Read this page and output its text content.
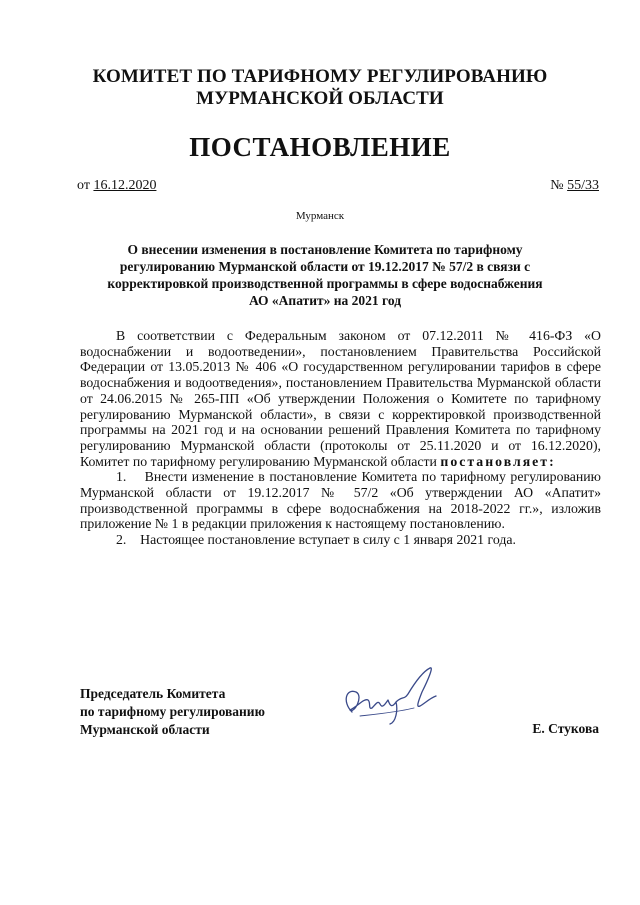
КОМИТЕТ ПО ТАРИФНОМУ РЕГУЛИРОВАНИЮ
МУРМАНСКОЙ ОБЛАСТИ
ПОСТАНОВЛЕНИЕ
от 16.12.2020	№ 55/33
Мурманск
О внесении изменения в постановление Комитета по тарифному
регулированию Мурманской области от 19.12.2017 № 57/2 в связи с
корректировкой производственной программы в сфере водоснабжения
АО «Апатит» на 2021 год

В соответствии с Федеральным законом от 07.12.2011 № 416-ФЗ «О водоснабжении и водоотведении», постановлением Правительства Российской Федерации от 13.05.2013 № 406 «О государственном регулировании тарифов в сфере водоснабжения и водоотведения», постановлением Правительства Мурманской области от 24.06.2015 № 265-ПП «Об утверждении Положения о Комитете по тарифному регулированию Мурманской области», в связи с корректировкой производственной программы на 2021 год и на основании решений Правления Комитета по тарифному регулированию Мурманской области (протоколы от 25.11.2020 и от 16.12.2020), Комитет по тарифному регулированию Мурманской области постановляет:

1. Внести изменение в постановление Комитета по тарифному регулированию Мурманской области от 19.12.2017 № 57/2 «Об утверждении АО «Апатит» производственной программы в сфере водоснабжения на 2018-2022 гг.», изложив приложение № 1 в редакции приложения к настоящему постановлению.

2. Настоящее постановление вступает в силу с 1 января 2021 года.

Председатель Комитета
по тарифному регулированию
Мурманской области	Е. Стукова
